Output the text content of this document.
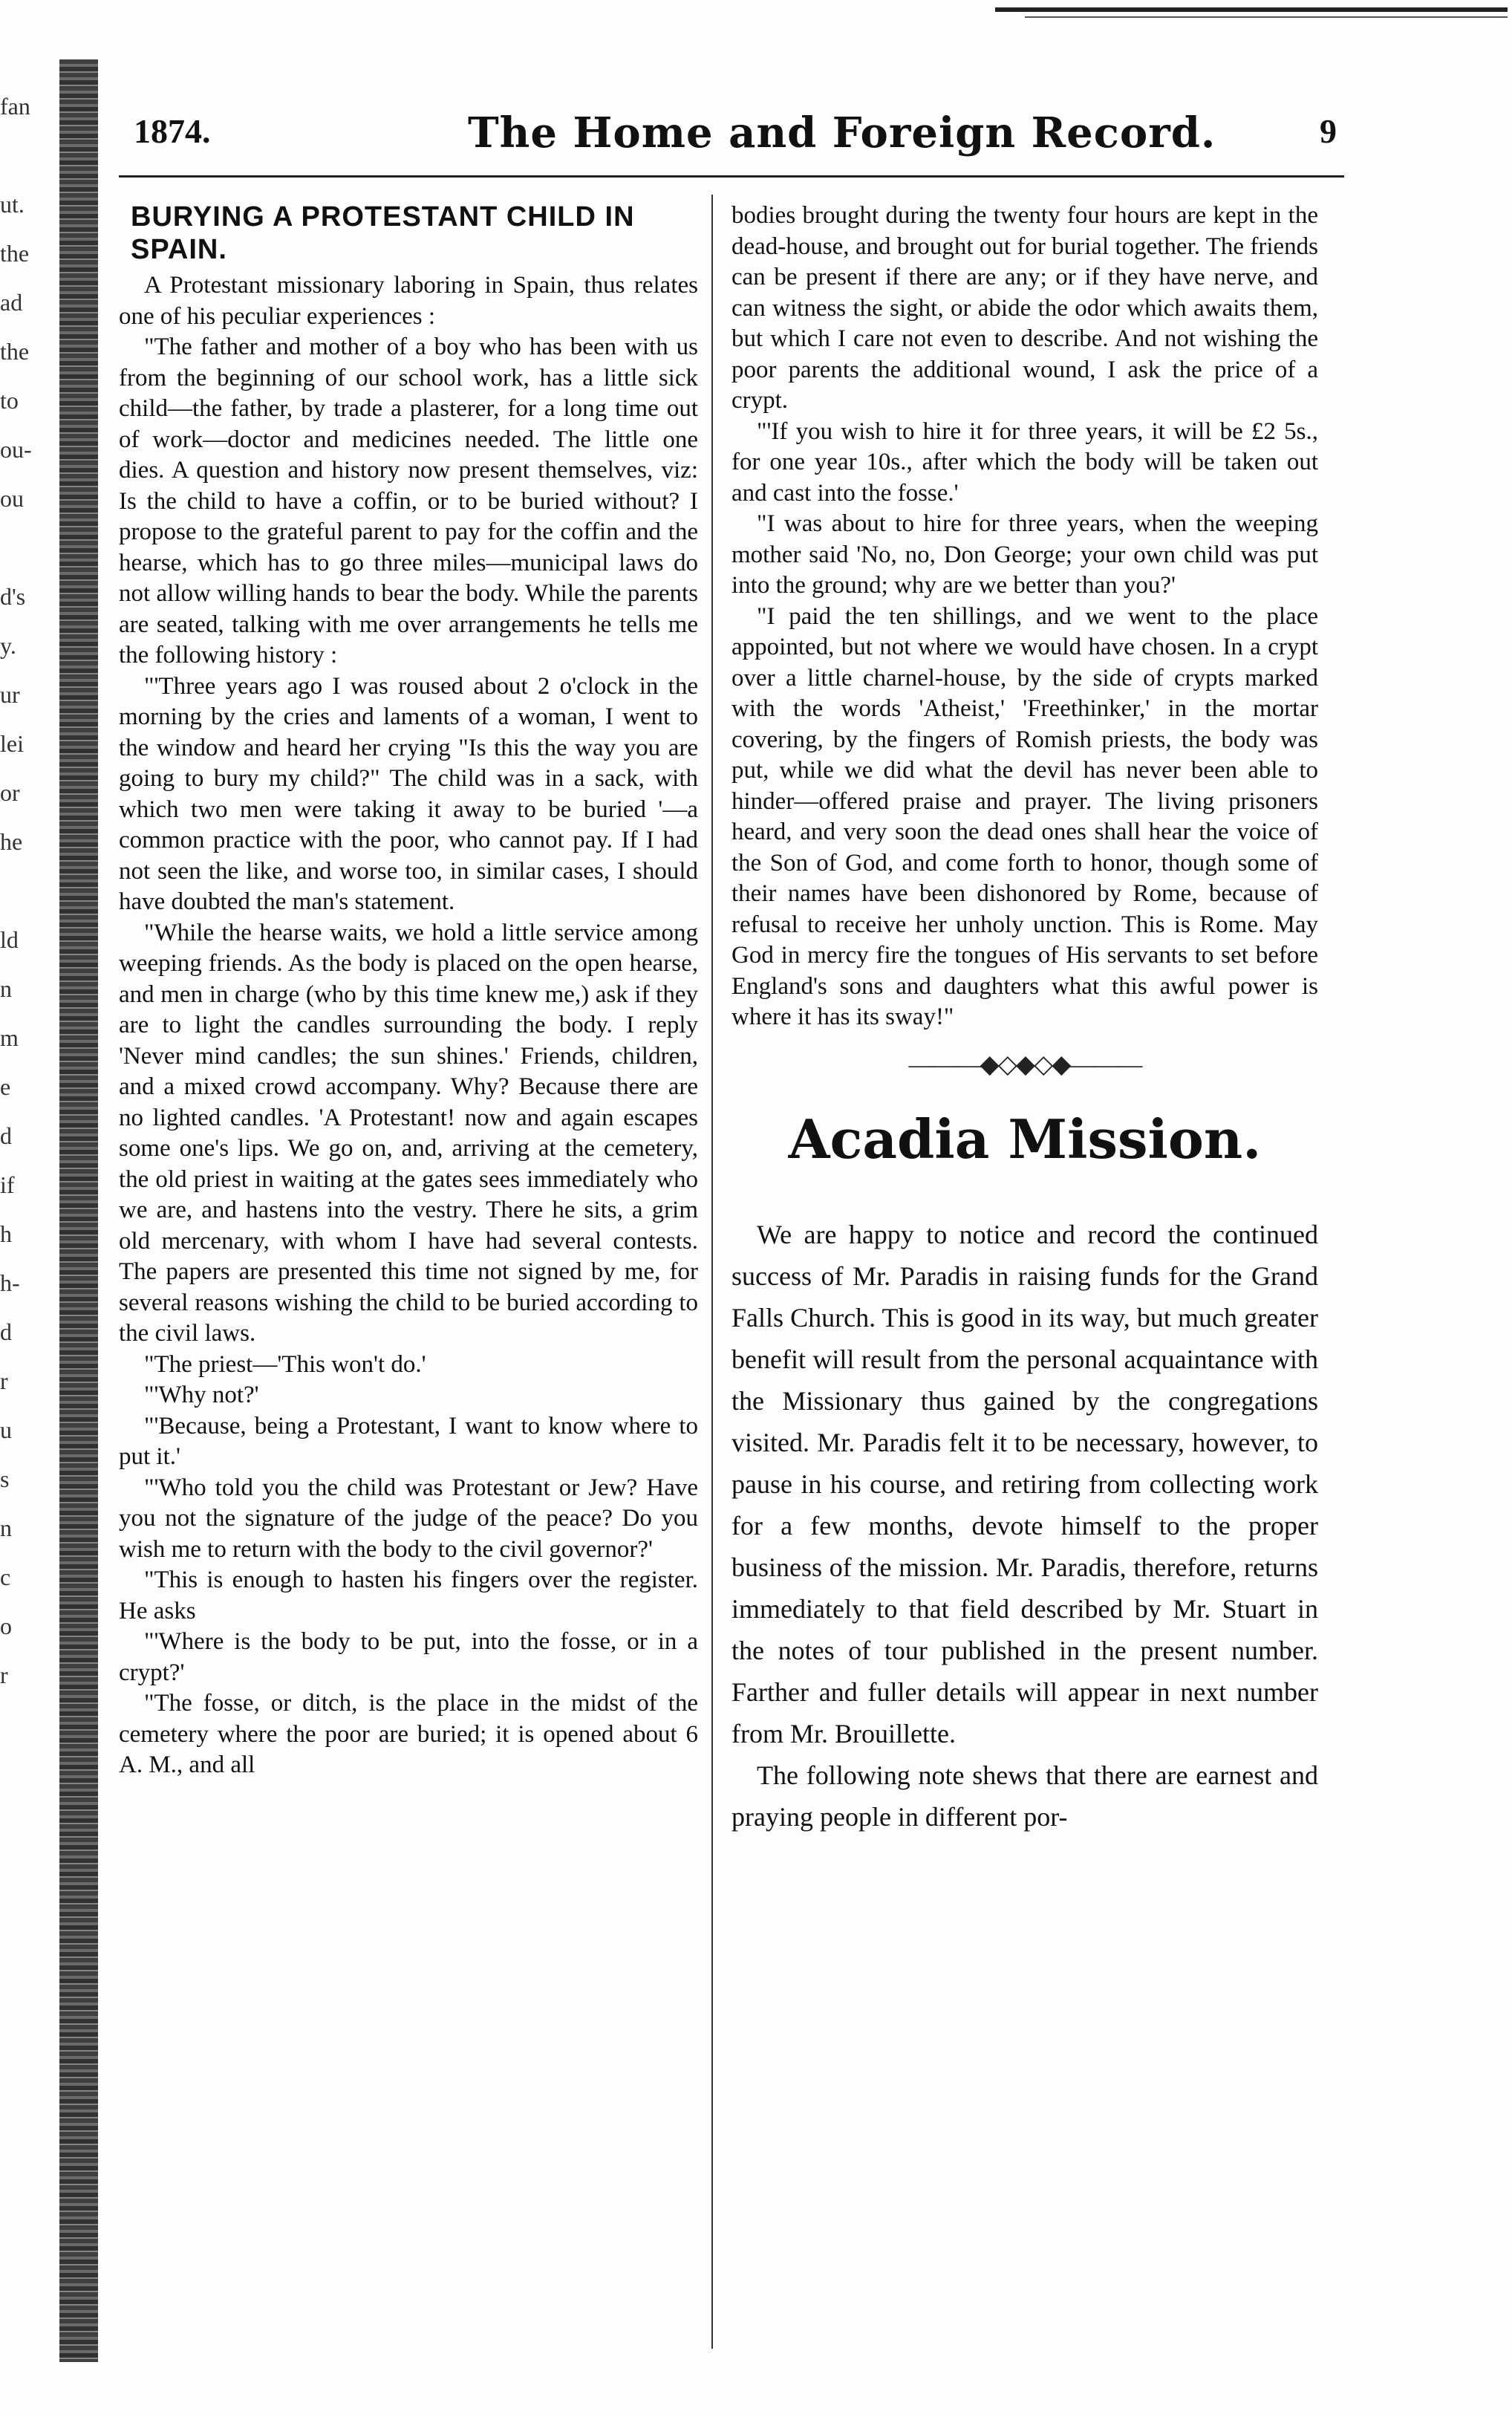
fan
ut.
the
ad
the
to
ou-
ou
d's
y.
ur
lei
or
he
ld
n
m
e
d
if
h
h-
d
r
u
s
n
c
o
r
1874.	The Home and Foreign Record.	9
BURYING A PROTESTANT CHILD IN SPAIN.

A Protestant missionary laboring in Spain, thus relates one of his peculiar experiences :

"The father and mother of a boy who has been with us from the beginning of our school work, has a little sick child—the father, by trade a plasterer, for a long time out of work—doctor and medicines needed. The little one dies. A question and history now present themselves, viz: Is the child to have a coffin, or to be buried without? I propose to the grateful parent to pay for the coffin and the hearse, which has to go three miles—municipal laws do not allow willing hands to bear the body. While the parents are seated, talking with me over arrangements he tells me the following history :

"'Three years ago I was roused about 2 o'clock in the morning by the cries and laments of a woman, I went to the window and heard her crying "Is this the way you are going to bury my child?" The child was in a sack, with which two men were taking it away to be buried '—a common practice with the poor, who cannot pay. If I had not seen the like, and worse too, in similar cases, I should have doubted the man's statement.

"While the hearse waits, we hold a little service among weeping friends. As the body is placed on the open hearse, and men in charge (who by this time knew me,) ask if they are to light the candles surrounding the body. I reply 'Never mind candles; the sun shines.' Friends, children, and a mixed crowd accompany. Why? Because there are no lighted candles. 'A Protestant! now and again escapes some one's lips. We go on, and, arriving at the cemetery, the old priest in waiting at the gates sees immediately who we are, and hastens into the vestry. There he sits, a grim old mercenary, with whom I have had several contests. The papers are presented this time not signed by me, for several reasons wishing the child to be buried according to the civil laws.

"The priest—'This won't do.'

"'Why not?'

"'Because, being a Protestant, I want to know where to put it.'

"'Who told you the child was Protestant or Jew? Have you not the signature of the judge of the peace? Do you wish me to return with the body to the civil governor?'

"This is enough to hasten his fingers over the register. He asks

"'Where is the body to be put, into the fosse, or in a crypt?'

"The fosse, or ditch, is the place in the midst of the cemetery where the poor are buried; it is opened about 6 A. M., and all

bodies brought during the twenty four hours are kept in the dead-house, and brought out for burial together. The friends can be present if there are any; or if they have nerve, and can witness the sight, or abide the odor which awaits them, but which I care not even to describe. And not wishing the poor parents the additional wound, I ask the price of a crypt.

"'If you wish to hire it for three years, it will be £2 5s., for one year 10s., after which the body will be taken out and cast into the fosse.'

"I was about to hire for three years, when the weeping mother said 'No, no, Don George; your own child was put into the ground; why are we better than you?'

"I paid the ten shillings, and we went to the place appointed, but not where we would have chosen. In a crypt over a little charnel-house, by the side of crypts marked with the words 'Atheist,' 'Freethinker,' in the mortar covering, by the fingers of Romish priests, the body was put, while we did what the devil has never been able to hinder—offered praise and prayer. The living prisoners heard, and very soon the dead ones shall hear the voice of the Son of God, and come forth to honor, though some of their names have been dishonored by Rome, because of refusal to receive her unholy unction. This is Rome. May God in mercy fire the tongues of His servants to set before England's sons and daughters what this awful power is where it has its sway!"

———◆◇◆◇◆———
Acadia Mission.

We are happy to notice and record the continued success of Mr. Paradis in raising funds for the Grand Falls Church. This is good in its way, but much greater benefit will result from the personal acquaintance with the Missionary thus gained by the congregations visited. Mr. Paradis felt it to be necessary, however, to pause in his course, and retiring from collecting work for a few months, devote himself to the proper business of the mission. Mr. Paradis, therefore, returns immediately to that field described by Mr. Stuart in the notes of tour published in the present number. Farther and fuller details will appear in next number from Mr. Brouillette.

The following note shews that there are earnest and praying people in different por-
